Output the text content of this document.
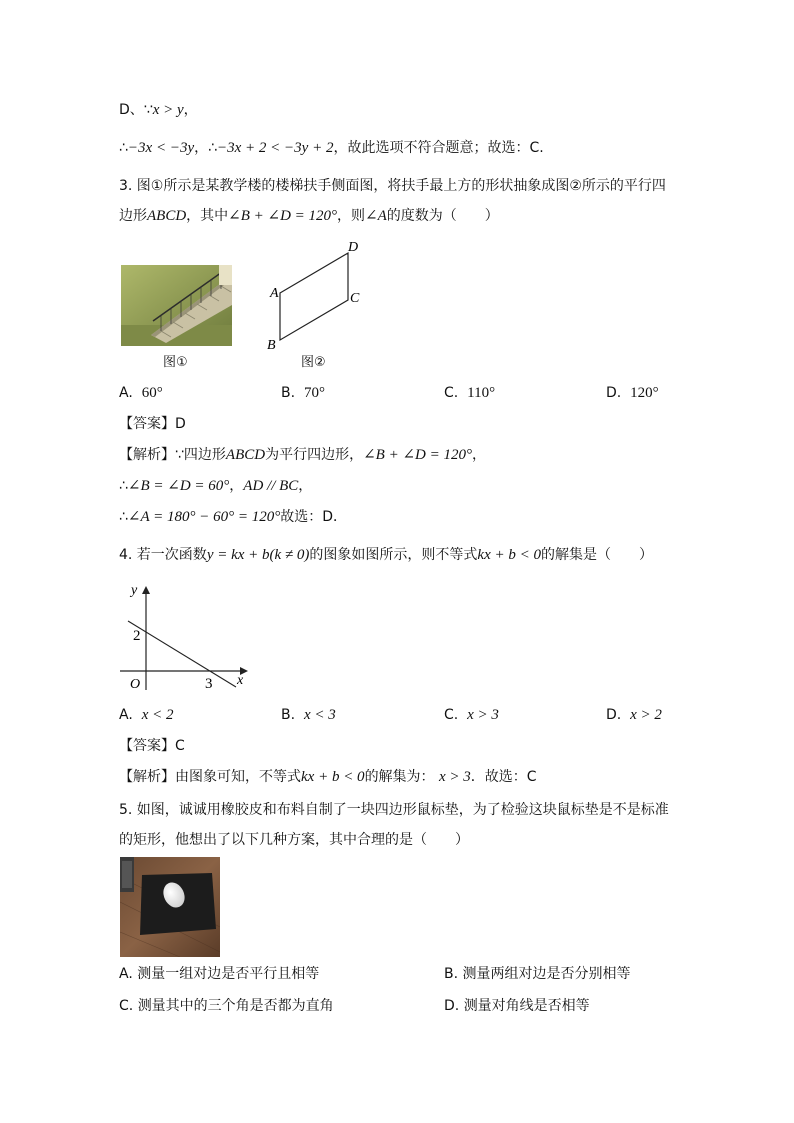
D、∵x > y，
∴−3x < −3y，∴−3x + 2 < −3y + 2，故此选项不符合题意；故选：C.
3. 图①所示是某教学楼的楼梯扶手侧面图，将扶手最上方的形状抽象成图②所示的平行四
边形ABCD，其中∠B + ∠D = 120°，则∠A的度数为（　　）
图①
A
B
C
D
图②
A. 60°	B. 70°	C. 110°	D. 120°
【答案】D
【解析】∵四边形ABCD为平行四边形，∠B + ∠D = 120°，
∴∠B = ∠D = 60°，AD // BC，
∴∠A = 180° − 60° = 120°故选：D．
4. 若一次函数y = kx + b(k ≠ 0)的图象如图所示，则不等式kx + b < 0的解集是（　　）
y
x
O
2
3
A. x < 2	B. x < 3	C. x > 3	D. x > 2
【答案】C
【解析】由图象可知，不等式kx + b < 0的解集为： x > 3．故选：C
5. 如图，诚诚用橡胶皮和布料自制了一块四边形鼠标垫，为了检验这块鼠标垫是不是标准
的矩形，他想出了以下几种方案，其中合理的是（　　）
A. 测量一组对边是否平行且相等	B. 测量两组对边是否分别相等
C. 测量其中的三个角是否都为直角	D. 测量对角线是否相等
